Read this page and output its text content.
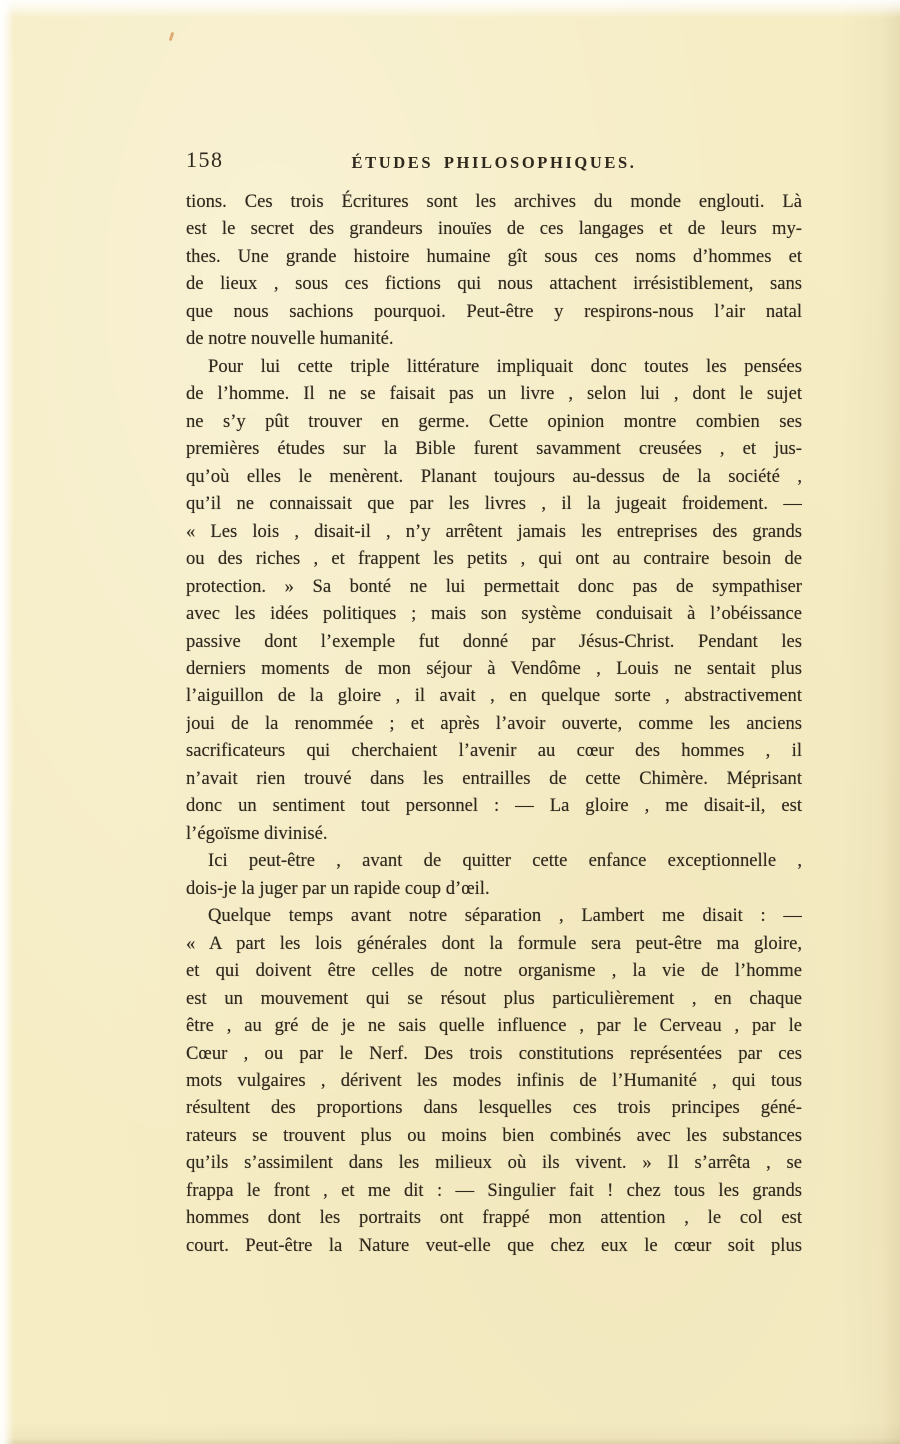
158	ÉTUDES PHILOSOPHIQUES.
tions. Ces trois Écritures sont les archives du monde englouti. Là
est le secret des grandeurs inouïes de ces langages et de leurs my-
thes. Une grande histoire humaine gît sous ces noms d’hommes et
de lieux , sous ces fictions qui nous attachent irrésistiblement, sans
que nous sachions pourquoi. Peut-être y respirons-nous l’air natal
de notre nouvelle humanité.
Pour lui cette triple littérature impliquait donc toutes les pensées
de l’homme. Il ne se faisait pas un livre , selon lui , dont le sujet
ne s’y pût trouver en germe. Cette opinion montre combien ses
premières études sur la Bible furent savamment creusées , et jus-
qu’où elles le menèrent. Planant toujours au-dessus de la société ,
qu’il ne connaissait que par les livres , il la jugeait froidement. —
« Les lois , disait-il , n’y arrêtent jamais les entreprises des grands
ou des riches , et frappent les petits , qui ont au contraire besoin de
protection. » Sa bonté ne lui permettait donc pas de sympathiser
avec les idées politiques ; mais son système conduisait à l’obéissance
passive dont l’exemple fut donné par Jésus-Christ. Pendant les
derniers moments de mon séjour à Vendôme , Louis ne sentait plus
l’aiguillon de la gloire , il avait , en quelque sorte , abstractivement
joui de la renommée ; et après l’avoir ouverte, comme les anciens
sacrificateurs qui cherchaient l’avenir au cœur des hommes , il
n’avait rien trouvé dans les entrailles de cette Chimère. Méprisant
donc un sentiment tout personnel : — La gloire , me disait-il, est
l’égoïsme divinisé.
Ici peut-être , avant de quitter cette enfance exceptionnelle ,
dois-je la juger par un rapide coup d’œil.
Quelque temps avant notre séparation , Lambert me disait : —
« A part les lois générales dont la formule sera peut-être ma gloire,
et qui doivent être celles de notre organisme , la vie de l’homme
est un mouvement qui se résout plus particulièrement , en chaque
être , au gré de je ne sais quelle influence , par le Cerveau , par le
Cœur , ou par le Nerf. Des trois constitutions représentées par ces
mots vulgaires , dérivent les modes infinis de l’Humanité , qui tous
résultent des proportions dans lesquelles ces trois principes géné-
rateurs se trouvent plus ou moins bien combinés avec les substances
qu’ils s’assimilent dans les milieux où ils vivent. » Il s’arrêta , se
frappa le front , et me dit : — Singulier fait ! chez tous les grands
hommes dont les portraits ont frappé mon attention , le col est
court. Peut-être la Nature veut-elle que chez eux le cœur soit plus
